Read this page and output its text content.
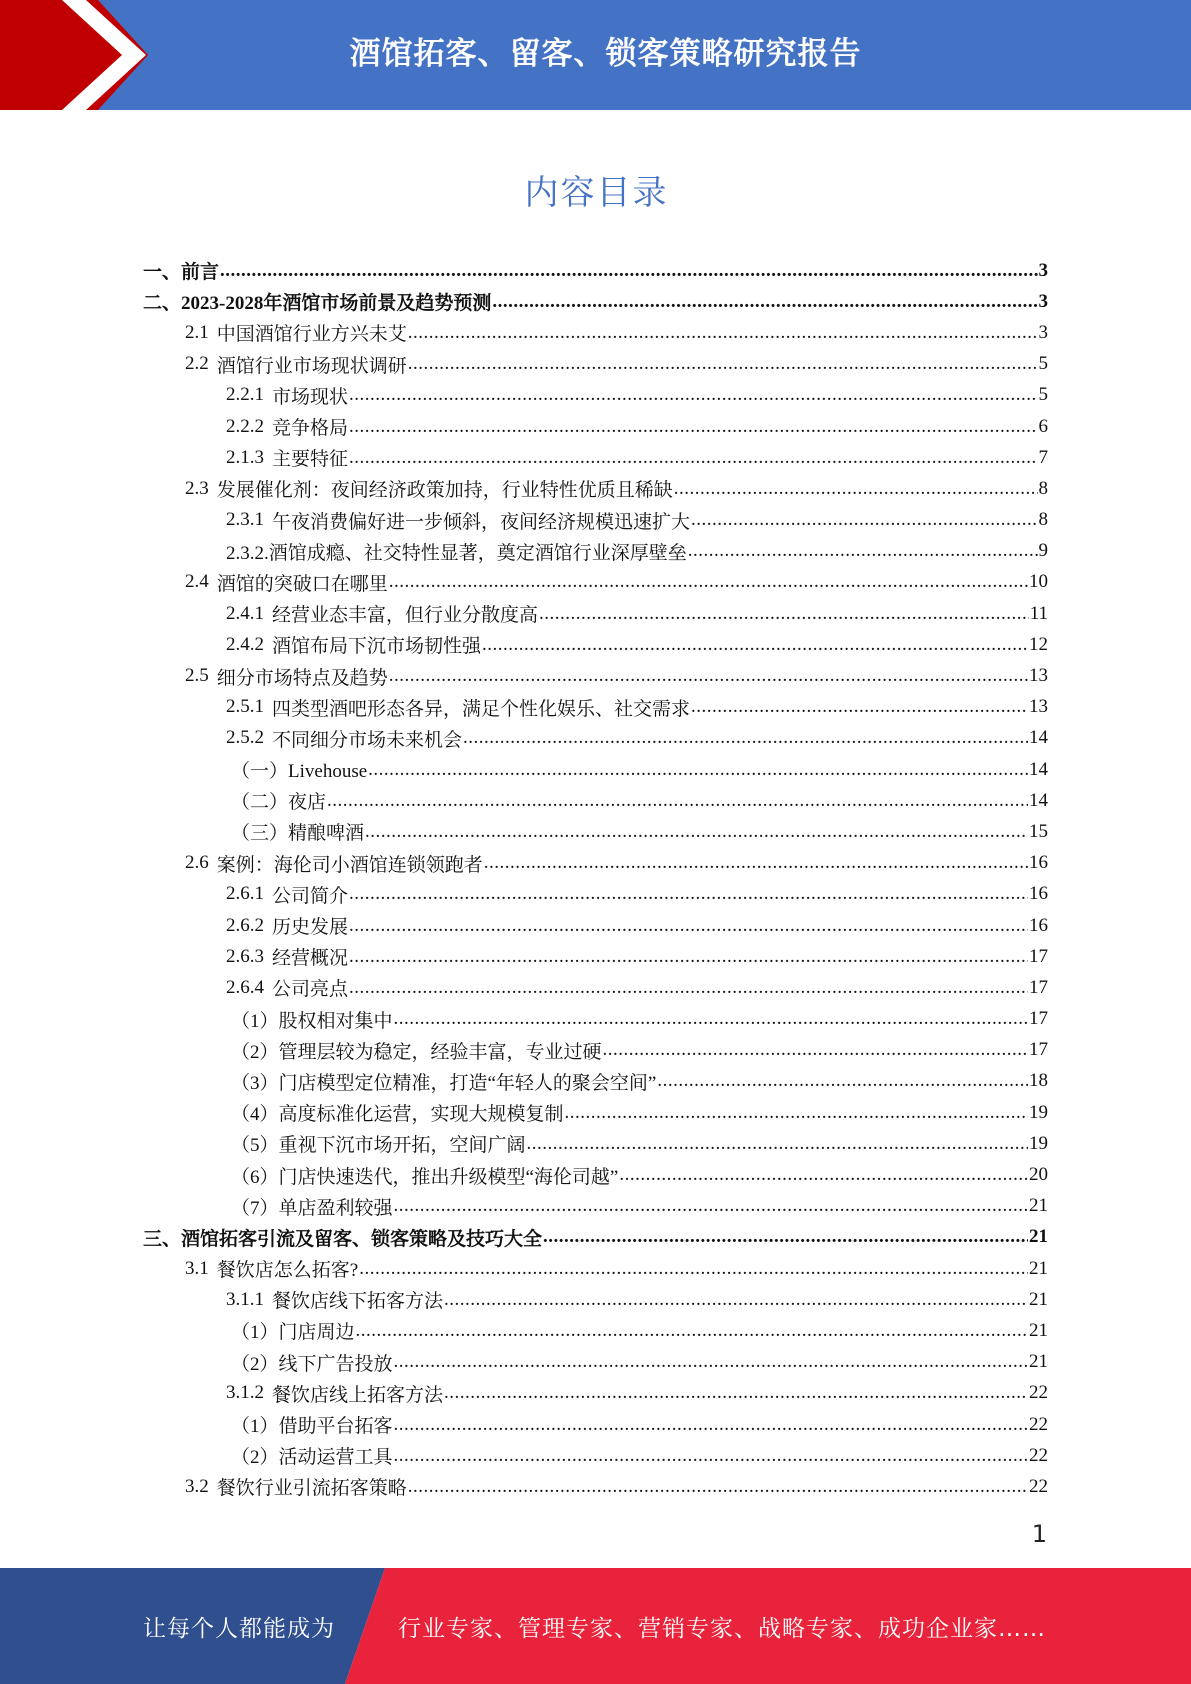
酒馆拓客、留客、锁客策略研究报告
内容目录
一、前言 .....	3
二、2023-2028年酒馆市场前景及趋势预测 .....	3
2.1 中国酒馆行业方兴未艾 .....	3
2.2 酒馆行业市场现状调研 .....	5
2.2.1 市场现状 .....	5
2.2.2 竞争格局 .....	6
2.1.3 主要特征 .....	7
2.3 发展催化剂：夜间经济政策加持，行业特性优质且稀缺 .....	8
2.3.1 午夜消费偏好进一步倾斜，夜间经济规模迅速扩大 .....	8
2.3.2.酒馆成瘾、社交特性显著，奠定酒馆行业深厚壁垒 .....	9
2.4 酒馆的突破口在哪里 .....	10
2.4.1 经营业态丰富，但行业分散度高 .....	11
2.4.2 酒馆布局下沉市场韧性强 .....	12
2.5 细分市场特点及趋势 .....	13
2.5.1 四类型酒吧形态各异，满足个性化娱乐、社交需求 .....	13
2.5.2 不同细分市场未来机会 .....	14
（一）Livehouse .....	14
（二）夜店 .....	14
（三）精酿啤酒 .....	15
2.6 案例：海伦司小酒馆连锁领跑者 .....	16
2.6.1 公司简介 .....	16
2.6.2 历史发展 .....	16
2.6.3 经营概况 .....	17
2.6.4 公司亮点 .....	17
（1）股权相对集中 .....	17
（2）管理层较为稳定，经验丰富，专业过硬 .....	17
（3）门店模型定位精准，打造“年轻人的聚会空间” .....	18
（4）高度标准化运营，实现大规模复制 .....	19
（5）重视下沉市场开拓，空间广阔 .....	19
（6）门店快速迭代，推出升级模型“海伦司越” .....	20
（7）单店盈利较强 .....	21
三、酒馆拓客引流及留客、锁客策略及技巧大全 .....	21
3.1 餐饮店怎么拓客? .....	21
3.1.1 餐饮店线下拓客方法 .....	21
（1）门店周边 .....	21
（2）线下广告投放 .....	21
3.1.2 餐饮店线上拓客方法 .....	22
（1）借助平台拓客 .....	22
（2）活动运营工具 .....	22
3.2 餐饮行业引流拓客策略 .....	22
1
让每个人都能成为	行业专家、管理专家、营销专家、战略专家、成功企业家……
